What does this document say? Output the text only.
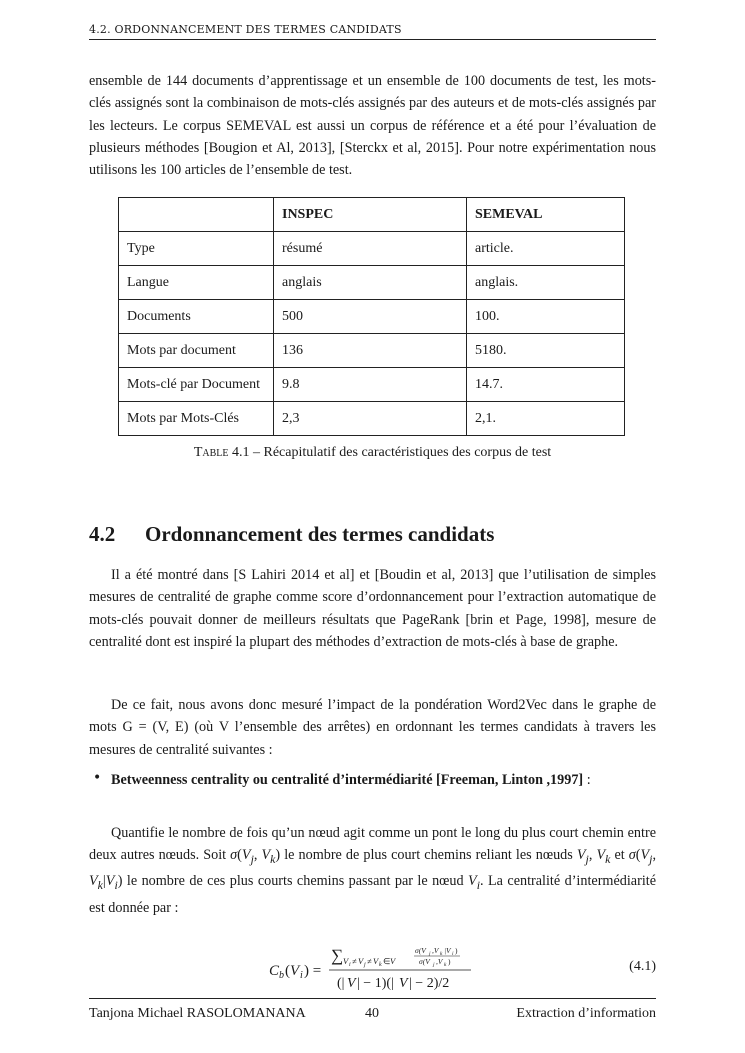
4.2. ORDONNANCEMENT DES TERMES CANDIDATS

ensemble de 144 documents d’apprentissage et un ensemble de 100 documents de test, les mots-clés assignés sont la combinaison de mots-clés assignés par des auteurs et de mots-clés assignés par les lecteurs. Le corpus SEMEVAL est aussi un corpus de référence et a été pour l’évaluation de plusieurs méthodes [Bougion et Al, 2013], [Sterckx et al, 2015]. Pour notre expérimentation nous utilisons les 100 articles de l’ensemble de test.

	INSPEC	SEMEVAL
Type	résumé	article.
Langue	anglais	anglais.
Documents	500	100.
Mots par document	136	5180.
Mots-clé par Document	9.8	14.7.
Mots par Mots-Clés	2,3	2,1.
Table 4.1 – Récapitulatif des caractéristiques des corpus de test
4.2 Ordonnancement des termes candidats

Il a été montré dans [S Lahiri 2014 et al] et [Boudin et al, 2013] que l’utilisation de simples mesures de centralité de graphe comme score d’ordonnancement pour l’extraction automatique de mots-clés pouvait donner de meilleurs résultats que PageRank [brin et Page, 1998], mesure de centralité dont est inspiré la plupart des méthodes d’extraction de mots-clés à base de graphe.

De ce fait, nous avons donc mesuré l’impact de la pondération Word2Vec dans le graphe de mots G = (V, E) (où V l’ensemble des arrêtes) en ordonnant les termes candidats à travers les mesures de centralité suivantes :

• Betweenness centrality ou centralité d’intermédiarité [Freeman, Linton ,1997] :

Quantifie le nombre de fois qu’un nœud agit comme un pont le long du plus court chemin entre deux autres nœuds. Soit $\sigma(V_j$, $V_k$) le nombre de plus court chemins reliant les nœuds $V_j$, $V_k$ et $\sigma(V_j$, $V_k|V_i$) le nombre de ces plus courts chemins passant par le nœud $V_i$. La centralité d’intermédiarité est donnée par :

C b ( V i ) =
∑ V i ≠ V j ≠ V k ∈ V
σ(V j ,V k |V i )
σ(V j ,V k )
(| V | − 1)(| V | − 2)/2
(4.1)
Tanjona Michael RASOLOMANANA	40	Extraction d’information
